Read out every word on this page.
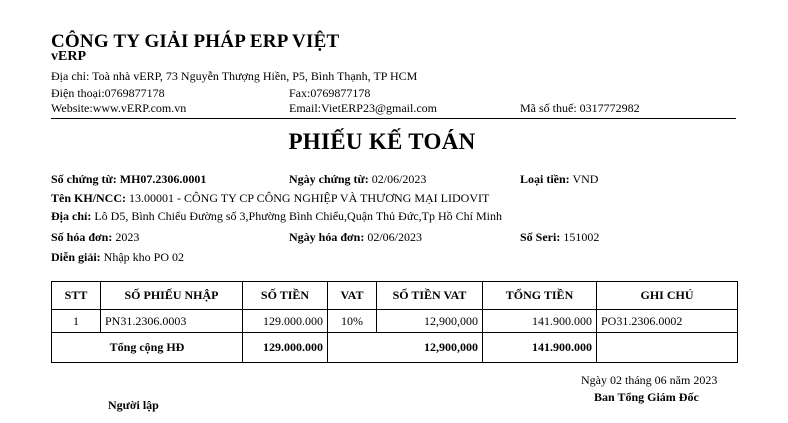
CÔNG TY GIẢI PHÁP ERP VIỆT
vERP
Địa chỉ: Toà nhà vERP, 73 Nguyễn Thượng Hiền, P5, Bình Thạnh, TP HCM
Điện thoại:0769877178	Fax:0769877178
Website:www.vERP.com.vn	Email:VietERP23@gmail.com	Mã số thuế: 0317772982
PHIẾU KẾ TOÁN
Số chứng từ: MH07.2306.0001	Ngày chứng từ: 02/06/2023	Loại tiền: VND
Tên KH/NCC: 13.00001 - CÔNG TY CP CÔNG NGHIỆP VÀ THƯƠNG MẠI LIDOVIT
Địa chỉ: Lô D5, Bình Chiểu Đường số 3,Phường Bình Chiểu,Quận Thủ Đức,Tp Hồ Chí Minh
Số hóa đơn: 2023	Ngày hóa đơn: 02/06/2023	Số Seri: 151002
Diễn giải: Nhập kho PO 02
STT	SỐ PHIẾU NHẬP	SỐ TIỀN	VAT	SỐ TIỀN VAT	TỔNG TIỀN	GHI CHÚ
1	PN31.2306.0003	129.000.000	10%	12,900,000	141.900.000	PO31.2306.0002
Tổng cộng HĐ		129.000.000	12,900,000		141.900.000	
Ngày 02 tháng 06 năm 2023
Người lập
Ban Tổng Giám Đốc
